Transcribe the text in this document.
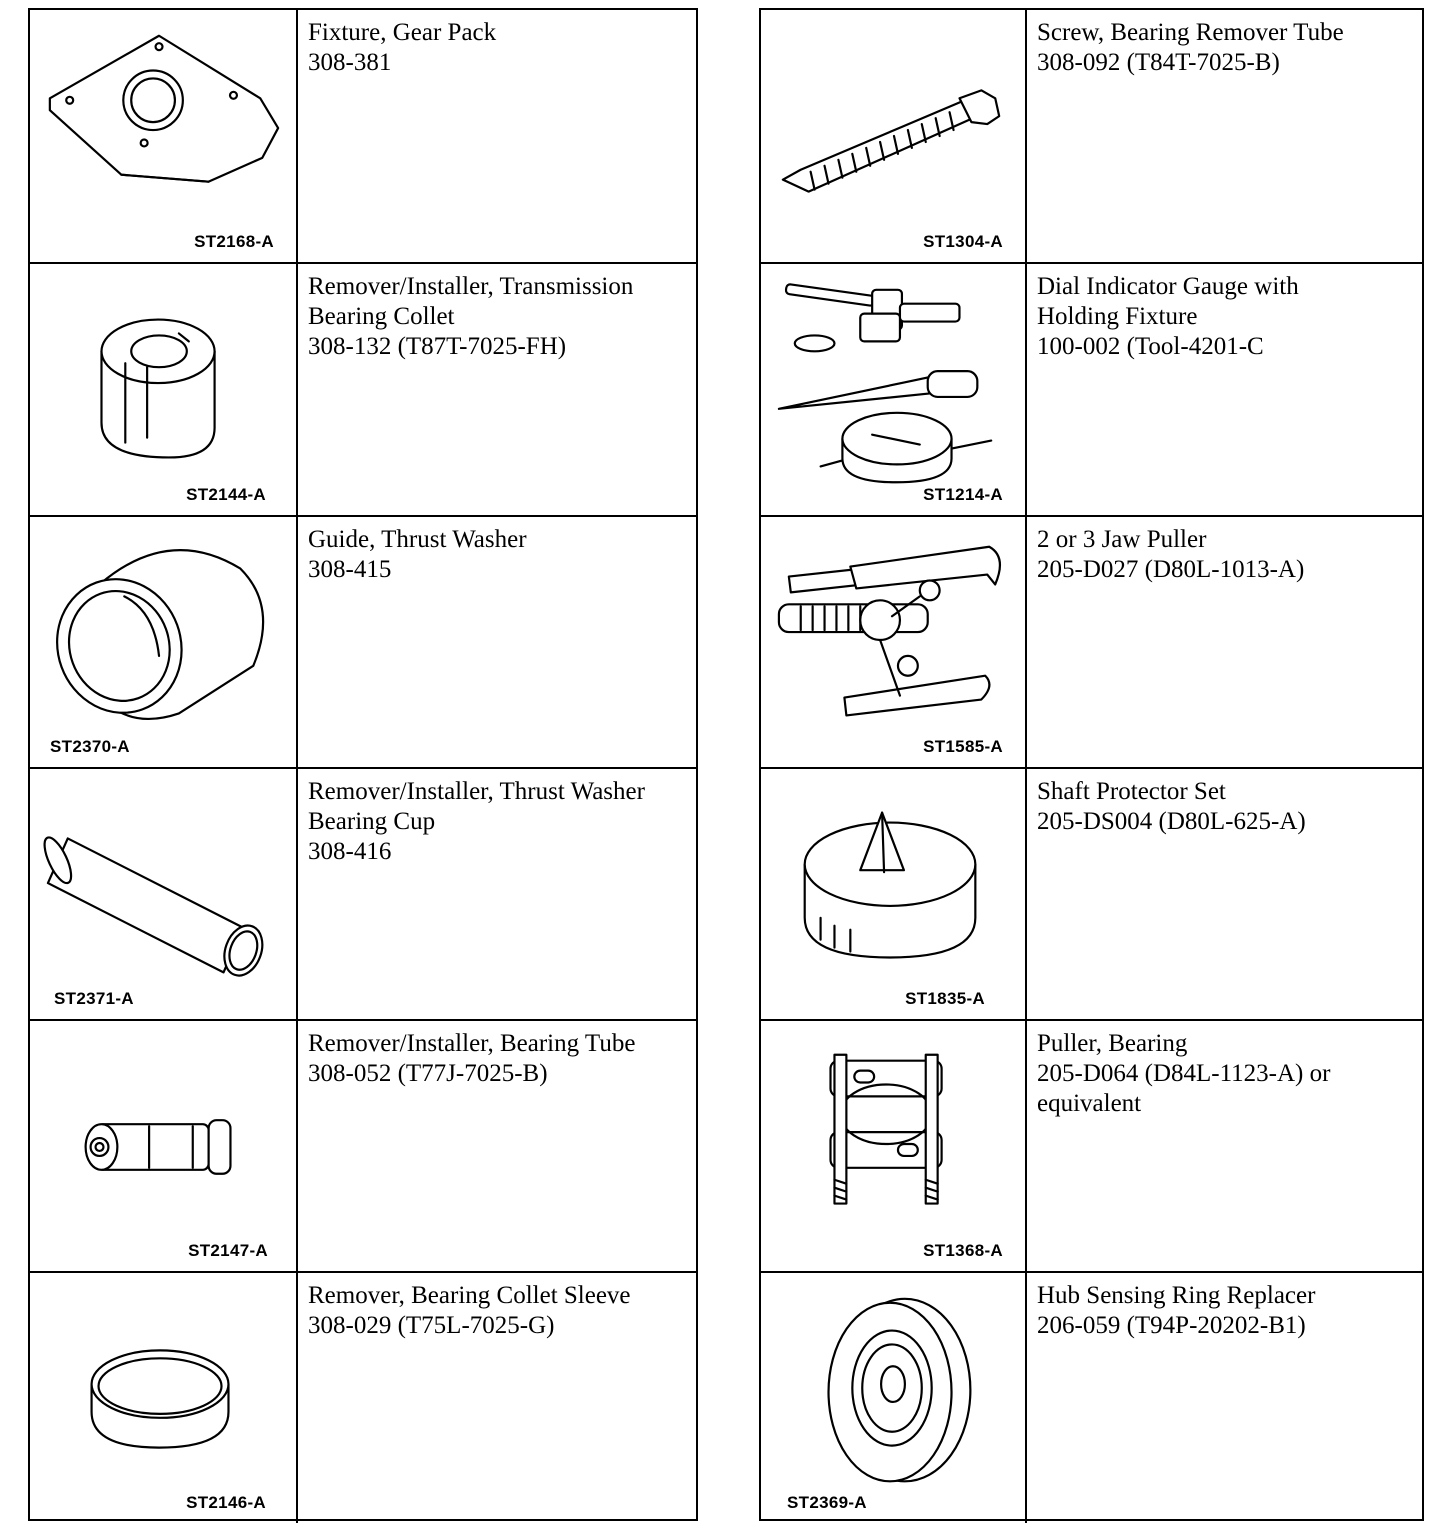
ST2168-A
Fixture, Gear Pack
308-381
ST2144-A
Remover/Installer, Transmission
Bearing Collet
308-132 (T87T-7025-FH)
ST2370-A
Guide, Thrust Washer
308-415
ST2371-A
Remover/Installer, Thrust Washer
Bearing Cup
308-416
ST2147-A
Remover/Installer, Bearing Tube
308-052 (T77J-7025-B)
ST2146-A
Remover, Bearing Collet Sleeve
308-029 (T75L-7025-G)
ST1304-A
Screw, Bearing Remover Tube
308-092 (T84T-7025-B)
ST1214-A
Dial Indicator Gauge with
Holding Fixture
100-002 (Tool-4201-C
ST1585-A
2 or 3 Jaw Puller
205-D027 (D80L-1013-A)
ST1835-A
Shaft Protector Set
205-DS004 (D80L-625-A)
ST1368-A
Puller, Bearing
205-D064 (D84L-1123-A) or
equivalent
ST2369-A
Hub Sensing Ring Replacer
206-059 (T94P-20202-B1)
